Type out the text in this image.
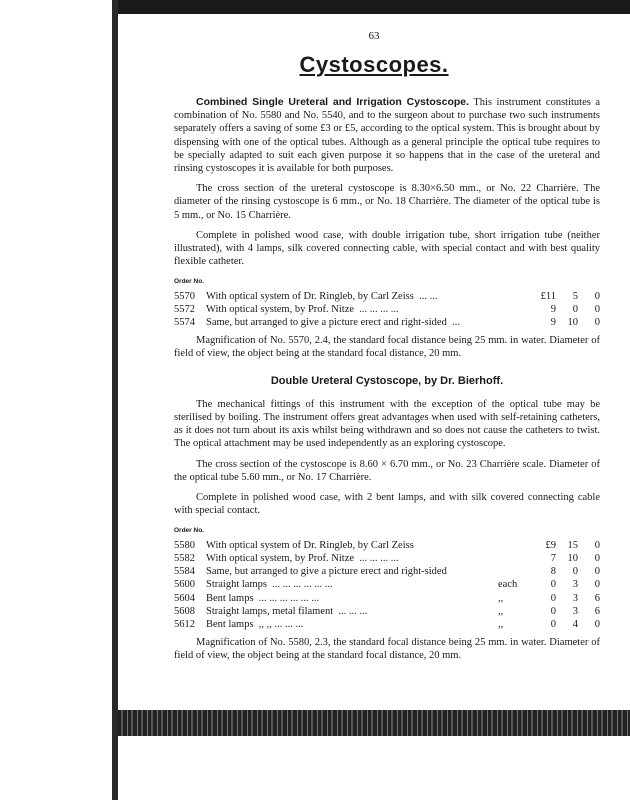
63
Cystoscopes.

Combined Single Ureteral and Irrigation Cystoscope. This instrument constitutes a combination of No. 5580 and No. 5540, and to the surgeon about to purchase two such instruments separately offers a saving of some £3 or £5, according to the optical system. This is brought about by dispensing with one of the optical tubes. Although as a general principle the optical tube requires to be specially adapted to suit each given purpose it so happens that in the case of the ureteral and rinsing cystoscopes it is available for both purposes.

The cross section of the ureteral cystoscope is 8.30×6.50 mm., or No. 22 Charrière. The diameter of the rinsing cystoscope is 6 mm., or No. 18 Charrière. The diameter of the optical tube is 5 mm., or No. 15 Charrière.

Complete in polished wood case, with double irrigation tube, short irrigation tube (neither illustrated), with 4 lamps, silk covered connecting cable, with special contact and with best quality flexible catheter.

Order No.
5570	With optical system of Dr. Ringleb, by Carl Zeiss ... ...		£11	5	0
5572	With optical system, by Prof. Nitze ... ... ... ...		9	0	0
5574	Same, but arranged to give a picture erect and right-sided ...		9	10	0

Magnification of No. 5570, 2.4, the standard focal distance being 25 mm. in water. Diameter of field of view, the object being at the standard focal distance, 20 mm.

Double Ureteral Cystoscope, by Dr. Bierhoff.

The mechanical fittings of this instrument with the exception of the optical tube may be sterilised by boiling. The instrument offers great advantages when used with self-retaining catheters, as it does not turn about its axis whilst being withdrawn and so does not cause the catheters to twist. The optical attachment may be used independently as an exploring cystoscope.

The cross section of the cystoscope is 8.60 × 6.70 mm., or No. 23 Charrière scale. Diameter of the optical tube 5.60 mm., or No. 17 Charrière.

Complete in polished wood case, with 2 bent lamps, and with silk covered connecting cable with special contact.

Order No.
5580	With optical system of Dr. Ringleb, by Carl Zeiss		£9	15	0
5582	With optical system, by Prof. Nitze ... ... ... ...		7	10	0
5584	Same, but arranged to give a picture erect and right-sided		8	0	0
5600	Straight lamps ... ... ... ... ... ...	each	0	3	0
5604	Bent lamps ... ... ... ... ... ...	,,	0	3	6
5608	Straight lamps, metal filament ... ... ...	,,	0	3	6
5612	Bent lamps ,, ,, ... ... ...	,,	0	4	0

Magnification of No. 5580, 2.3, the standard focal distance being 25 mm. in water. Diameter of field of view, the object being at the standard focal distance, 20 mm.
